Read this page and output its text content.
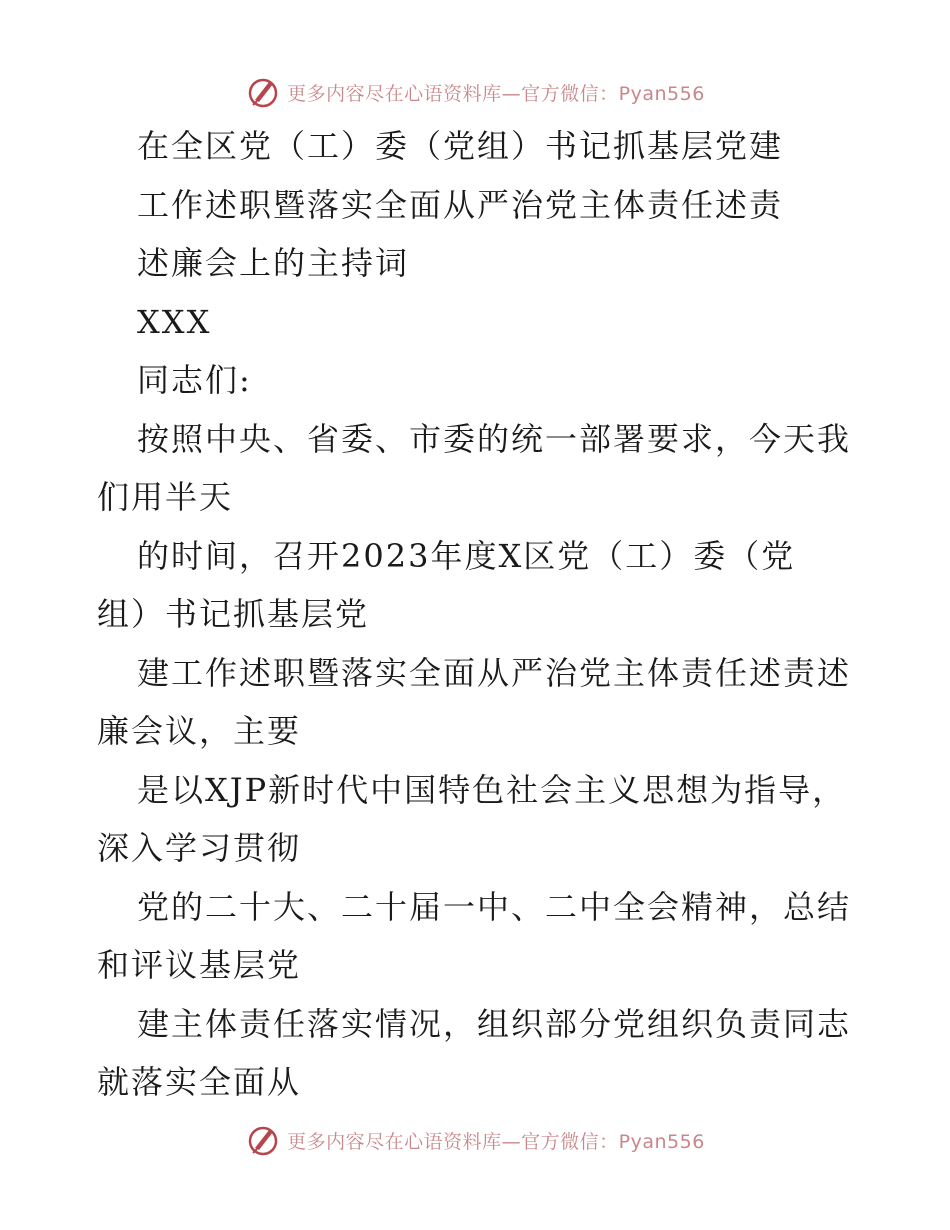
更多内容尽在心语资料库—官方微信：Pyan556
在全区党（工）委（党组）书记抓基层党建
工作述职暨落实全面从严治党主体责任述责
述廉会上的主持词
XXX
同志们:
按照中央、省委、市委的统一部署要求，今天我
们用半天
的时间，召开2023年度X区党（工）委（党
组）书记抓基层党
建工作述职暨落实全面从严治党主体责任述责述
廉会议，主要
是以XJP新时代中国特色社会主义思想为指导，
深入学习贯彻
党的二十大、二十届一中、二中全会精神，总结
和评议基层党
建主体责任落实情况，组织部分党组织负责同志
就落实全面从
更多内容尽在心语资料库—官方微信：Pyan556
